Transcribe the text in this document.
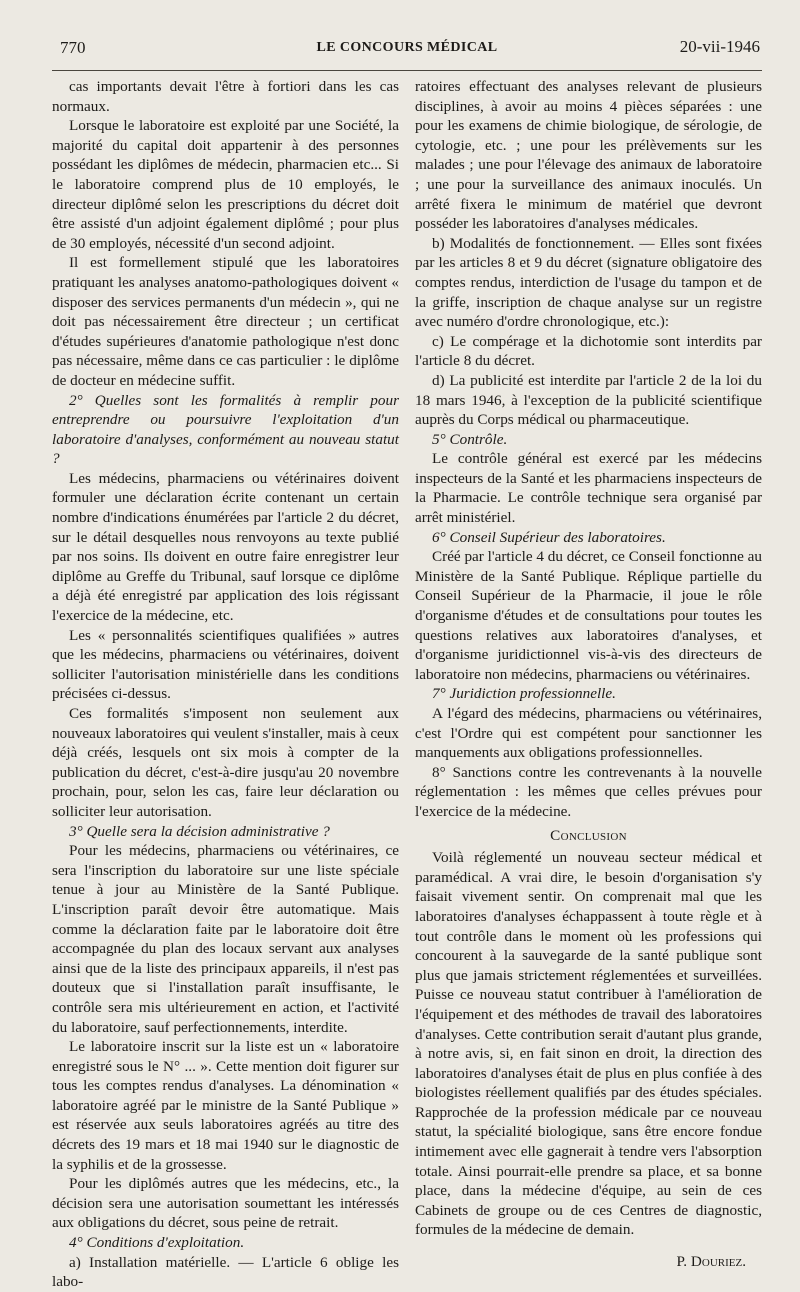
770	LE CONCOURS MÉDICAL	20-vii-1946

cas importants devait l'être à fortiori dans les cas normaux.

Lorsque le laboratoire est exploité par une Société, la majorité du capital doit appartenir à des personnes possédant les diplômes de médecin, pharmacien etc... Si le laboratoire comprend plus de 10 employés, le directeur diplômé selon les prescriptions du décret doit être assisté d'un adjoint également diplômé ; pour plus de 30 employés, nécessité d'un second adjoint.

Il est formellement stipulé que les laboratoires pratiquant les analyses anatomo-pathologiques doivent « disposer des services permanents d'un médecin », qui ne doit pas nécessairement être directeur ; un certificat d'études supérieures d'anatomie pathologique n'est donc pas nécessaire, même dans ce cas particulier : le diplôme de docteur en médecine suffit.

2° Quelles sont les formalités à remplir pour entreprendre ou poursuivre l'exploitation d'un laboratoire d'analyses, conformément au nouveau statut ?

Les médecins, pharmaciens ou vétérinaires doivent formuler une déclaration écrite contenant un certain nombre d'indications énumérées par l'article 2 du décret, sur le détail desquelles nous renvoyons au texte publié par nos soins. Ils doivent en outre faire enregistrer leur diplôme au Greffe du Tribunal, sauf lorsque ce diplôme a déjà été enregistré par application des lois régissant l'exercice de la médecine, etc.

Les « personnalités scientifiques qualifiées » autres que les médecins, pharmaciens ou vétérinaires, doivent solliciter l'autorisation ministérielle dans les conditions précisées ci-dessus.

Ces formalités s'imposent non seulement aux nouveaux laboratoires qui veulent s'installer, mais à ceux déjà créés, lesquels ont six mois à compter de la publication du décret, c'est-à-dire jusqu'au 20 novembre prochain, pour, selon les cas, faire leur déclaration ou solliciter leur autorisation.

3° Quelle sera la décision administrative ?

Pour les médecins, pharmaciens ou vétérinaires, ce sera l'inscription du laboratoire sur une liste spéciale tenue à jour au Ministère de la Santé Publique. L'inscription paraît devoir être automatique. Mais comme la déclaration faite par le laboratoire doit être accompagnée du plan des locaux servant aux analyses ainsi que de la liste des principaux appareils, il n'est pas douteux que si l'installation paraît insuffisante, le contrôle sera mis ultérieurement en action, et l'activité du laboratoire, sauf perfectionnements, interdite.

Le laboratoire inscrit sur la liste est un « laboratoire enregistré sous le N° ... ». Cette mention doit figurer sur tous les comptes rendus d'analyses. La dénomination « laboratoire agréé par le ministre de la Santé Publique » est réservée aux seuls laboratoires agréés au titre des décrets des 19 mars et 18 mai 1940 sur le diagnostic de la syphilis et de la grossesse.

Pour les diplômés autres que les médecins, etc., la décision sera une autorisation soumettant les intéressés aux obligations du décret, sous peine de retrait.

4° Conditions d'exploitation.

a) Installation matérielle. — L'article 6 oblige les labo-

ratoires effectuant des analyses relevant de plusieurs disciplines, à avoir au moins 4 pièces séparées : une pour les examens de chimie biologique, de sérologie, de cytologie, etc. ; une pour les prélèvements sur les malades ; une pour l'élevage des animaux de laboratoire ; une pour la surveillance des animaux inoculés. Un arrêté fixera le minimum de matériel que devront posséder les laboratoires d'analyses médicales.

b) Modalités de fonctionnement. — Elles sont fixées par les articles 8 et 9 du décret (signature obligatoire des comptes rendus, interdiction de l'usage du tampon et de la griffe, inscription de chaque analyse sur un registre avec numéro d'ordre chronologique, etc.):

c) Le compérage et la dichotomie sont interdits par l'article 8 du décret.

d) La publicité est interdite par l'article 2 de la loi du 18 mars 1946, à l'exception de la publicité scientifique auprès du Corps médical ou pharmaceutique.

5° Contrôle.

Le contrôle général est exercé par les médecins inspecteurs de la Santé et les pharmaciens inspecteurs de la Pharmacie. Le contrôle technique sera organisé par arrêt ministériel.

6° Conseil Supérieur des laboratoires.

Créé par l'article 4 du décret, ce Conseil fonctionne au Ministère de la Santé Publique. Réplique partielle du Conseil Supérieur de la Pharmacie, il joue le rôle d'organisme d'études et de consultations pour toutes les questions relatives aux laboratoires d'analyses, et d'organisme juridictionnel vis-à-vis des directeurs de laboratoire non médecins, pharmaciens ou vétérinaires.

7° Juridiction professionnelle.

A l'égard des médecins, pharmaciens ou vétérinaires, c'est l'Ordre qui est compétent pour sanctionner les manquements aux obligations professionnelles.

8° Sanctions contre les contrevenants à la nouvelle réglementation : les mêmes que celles prévues pour l'exercice de la médecine.

Conclusion

Voilà réglementé un nouveau secteur médical et paramédical. A vrai dire, le besoin d'organisation s'y faisait vivement sentir. On comprenait mal que les laboratoires d'analyses échappassent à toute règle et à tout contrôle dans le moment où les professions qui concourent à la sauvegarde de la santé publique sont plus que jamais strictement réglementées et surveillées. Puisse ce nouveau statut contribuer à l'amélioration de l'équipement et des méthodes de travail des laboratoires d'analyses. Cette contribution serait d'autant plus grande, à notre avis, si, en fait sinon en droit, la direction des laboratoires d'analyses était de plus en plus confiée à des biologistes réellement qualifiés par des études spéciales. Rapprochée de la profession médicale par ce nouveau statut, la spécialité biologique, sans être encore fondue intimement avec elle gagnerait à tendre vers l'absorption totale. Ainsi pourrait-elle prendre sa place, et sa bonne place, dans la médecine d'équipe, au sein de ces Cabinets de groupe ou de ces Centres de diagnostic, formules de la médecine de demain.

P. Douriez.
